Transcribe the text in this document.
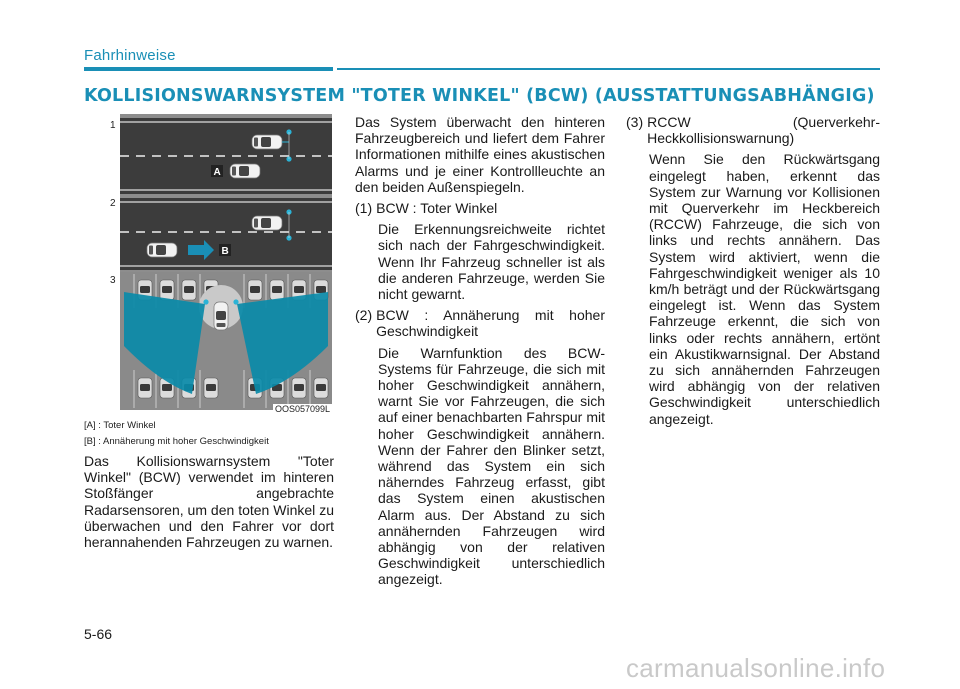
Fahrhinweise
KOLLISIONSWARNSYSTEM "TOTER WINKEL" (BCW) (AUSSTATTUNGSABHÄNGIG)
1
2
3
A
B
OOS057099L
[A] : Toter Winkel
[B] : Annäherung mit hoher Geschwindigkeit

Das Kollisionswarnsystem "Toter Winkel" (BCW) verwendet im hinteren Stoßfänger angebrachte Radarsensoren, um den toten Winkel zu überwachen und den Fahrer vor dort herannahenden Fahrzeugen zu warnen.

Das System überwacht den hinteren Fahrzeugbereich und liefert dem Fahrer Informationen mithilfe eines akustischen Alarms und je einer Kontrollleuchte an den beiden Außenspiegeln.

(1) BCW : Toter Winkel

Die Erkennungsreichweite richtet sich nach der Fahrgeschwindigkeit. Wenn Ihr Fahrzeug schneller ist als die anderen Fahrzeuge, werden Sie nicht gewarnt.

(2) BCW : Annäherung mit hoher Geschwindigkeit

Die Warnfunktion des BCW-Systems für Fahrzeuge, die sich mit hoher Geschwindigkeit annähern, warnt Sie vor Fahrzeugen, die sich auf einer benachbarten Fahrspur mit hoher Geschwindigkeit annähern. Wenn der Fahrer den Blinker setzt, während das System ein sich näherndes Fahrzeug erfasst, gibt das System einen akustischen Alarm aus. Der Abstand zu sich annähernden Fahrzeugen wird abhängig von der relativen Geschwindigkeit unterschiedlich angezeigt.

(3) RCCW (Querverkehr-Heckkollisionswarnung)

Wenn Sie den Rückwärtsgang eingelegt haben, erkennt das System zur Warnung vor Kollisionen mit Querverkehr im Heckbereich (RCCW) Fahrzeuge, die sich von links und rechts annähern. Das System wird aktiviert, wenn die Fahrgeschwindigkeit weniger als 10 km/h beträgt und der Rückwärtsgang eingelegt ist. Wenn das System Fahrzeuge erkennt, die sich von links oder rechts annähern, ertönt ein Akustikwarnsignal. Der Abstand zu sich annähernden Fahrzeugen wird abhängig von der relativen Geschwindigkeit unterschiedlich angezeigt.

5-66
carmanualsonline.info
